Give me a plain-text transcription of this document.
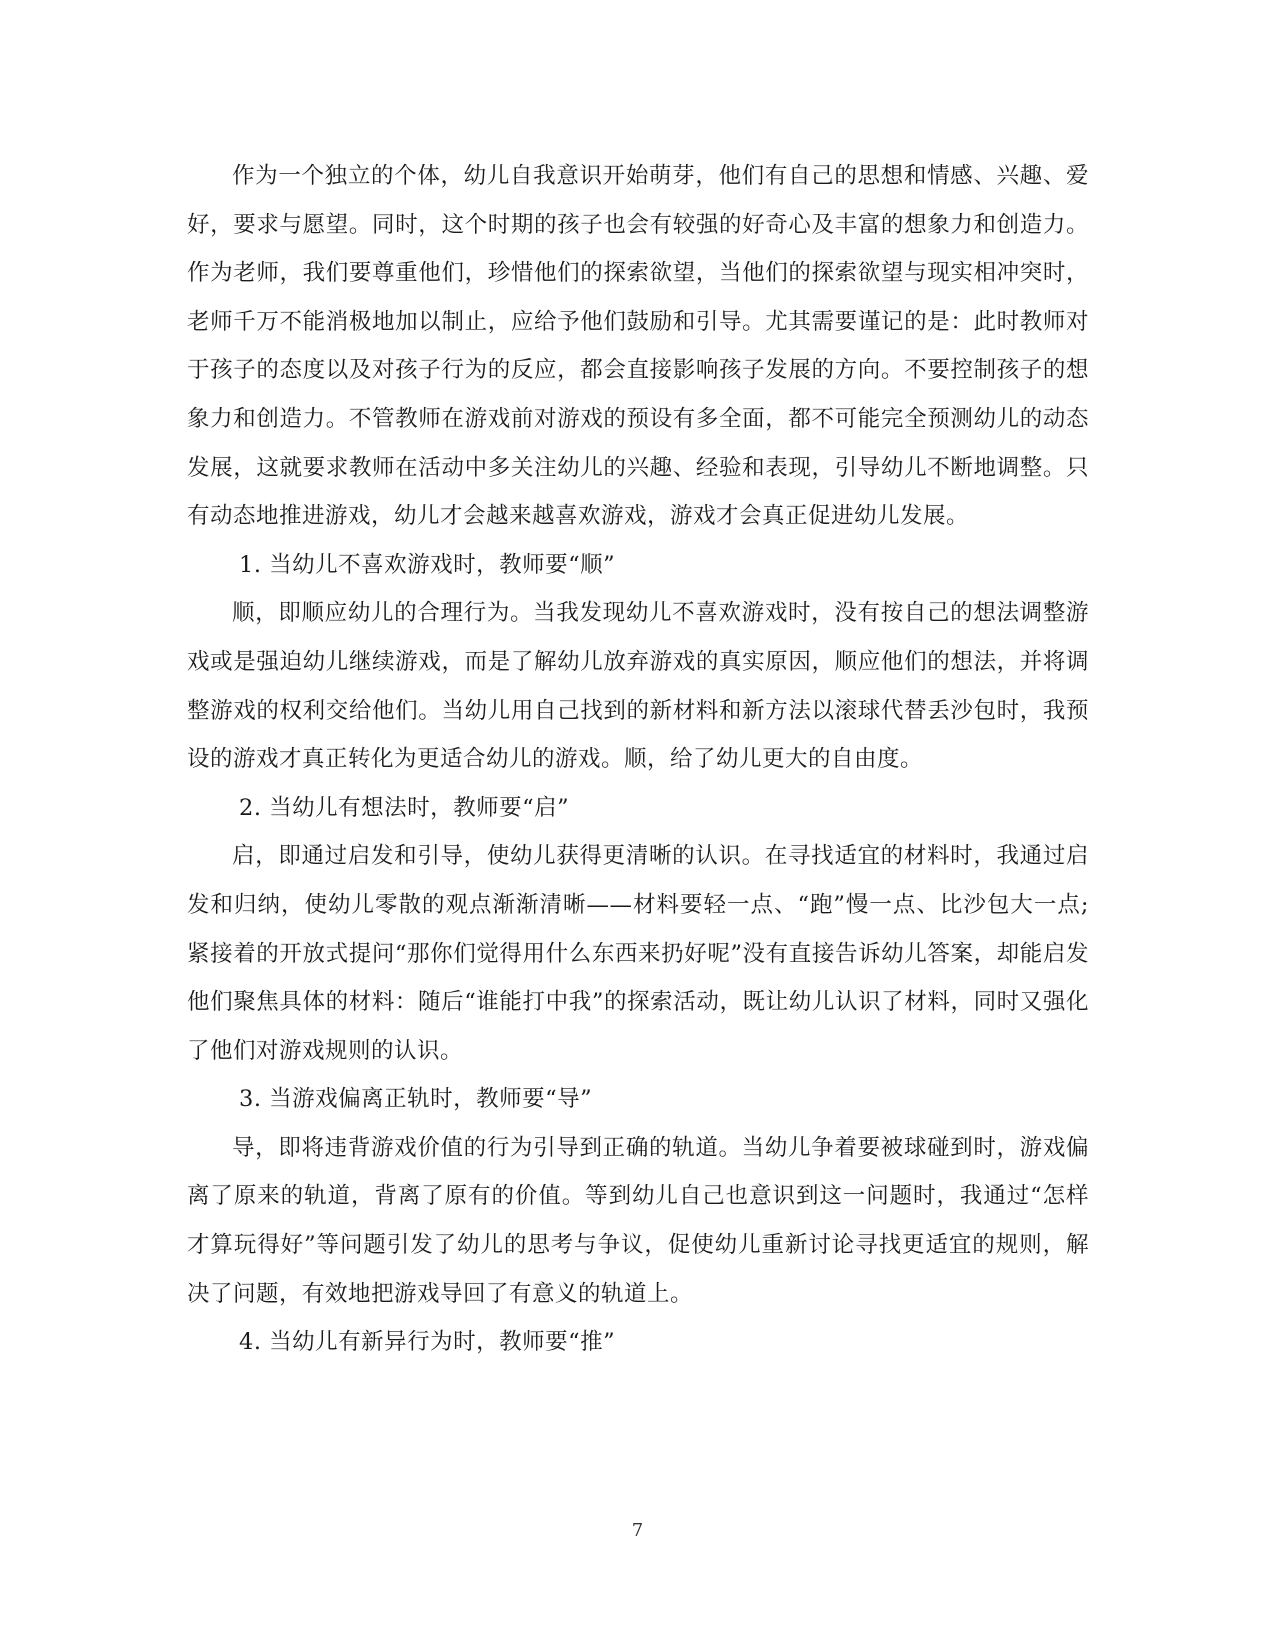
作为一个独立的个体，幼儿自我意识开始萌芽，他们有自己的思想和情感、兴趣、爱好，要求与愿望。同时，这个时期的孩子也会有较强的好奇心及丰富的想象力和创造力。作为老师，我们要尊重他们，珍惜他们的探索欲望，当他们的探索欲望与现实相冲突时，老师千万不能消极地加以制止，应给予他们鼓励和引导。尤其需要谨记的是：此时教师对于孩子的态度以及对孩子行为的反应，都会直接影响孩子发展的方向。不要控制孩子的想象力和创造力。不管教师在游戏前对游戏的预设有多全面，都不可能完全预测幼儿的动态发展，这就要求教师在活动中多关注幼儿的兴趣、经验和表现，引导幼儿不断地调整。只有动态地推进游戏，幼儿才会越来越喜欢游戏，游戏才会真正促进幼儿发展。

1. 当幼儿不喜欢游戏时，教师要“顺”

顺，即顺应幼儿的合理行为。当我发现幼儿不喜欢游戏时，没有按自己的想法调整游戏或是强迫幼儿继续游戏，而是了解幼儿放弃游戏的真实原因，顺应他们的想法，并将调整游戏的权利交给他们。当幼儿用自己找到的新材料和新方法以滚球代替丢沙包时，我预设的游戏才真正转化为更适合幼儿的游戏。顺，给了幼儿更大的自由度。

2. 当幼儿有想法时，教师要“启”

启，即通过启发和引导，使幼儿获得更清晰的认识。在寻找适宜的材料时，我通过启发和归纳，使幼儿零散的观点渐渐清晰——材料要轻一点、“跑”慢一点、比沙包大一点;紧接着的开放式提问“那你们觉得用什么东西来扔好呢”没有直接告诉幼儿答案，却能启发他们聚焦具体的材料：随后“谁能打中我”的探索活动，既让幼儿认识了材料，同时又强化了他们对游戏规则的认识。

3. 当游戏偏离正轨时，教师要“导”

导，即将违背游戏价值的行为引导到正确的轨道。当幼儿争着要被球碰到时，游戏偏离了原来的轨道，背离了原有的价值。等到幼儿自己也意识到这一问题时，我通过“怎样才算玩得好”等问题引发了幼儿的思考与争议，促使幼儿重新讨论寻找更适宜的规则，解决了问题，有效地把游戏导回了有意义的轨道上。

4. 当幼儿有新异行为时，教师要“推”

7
